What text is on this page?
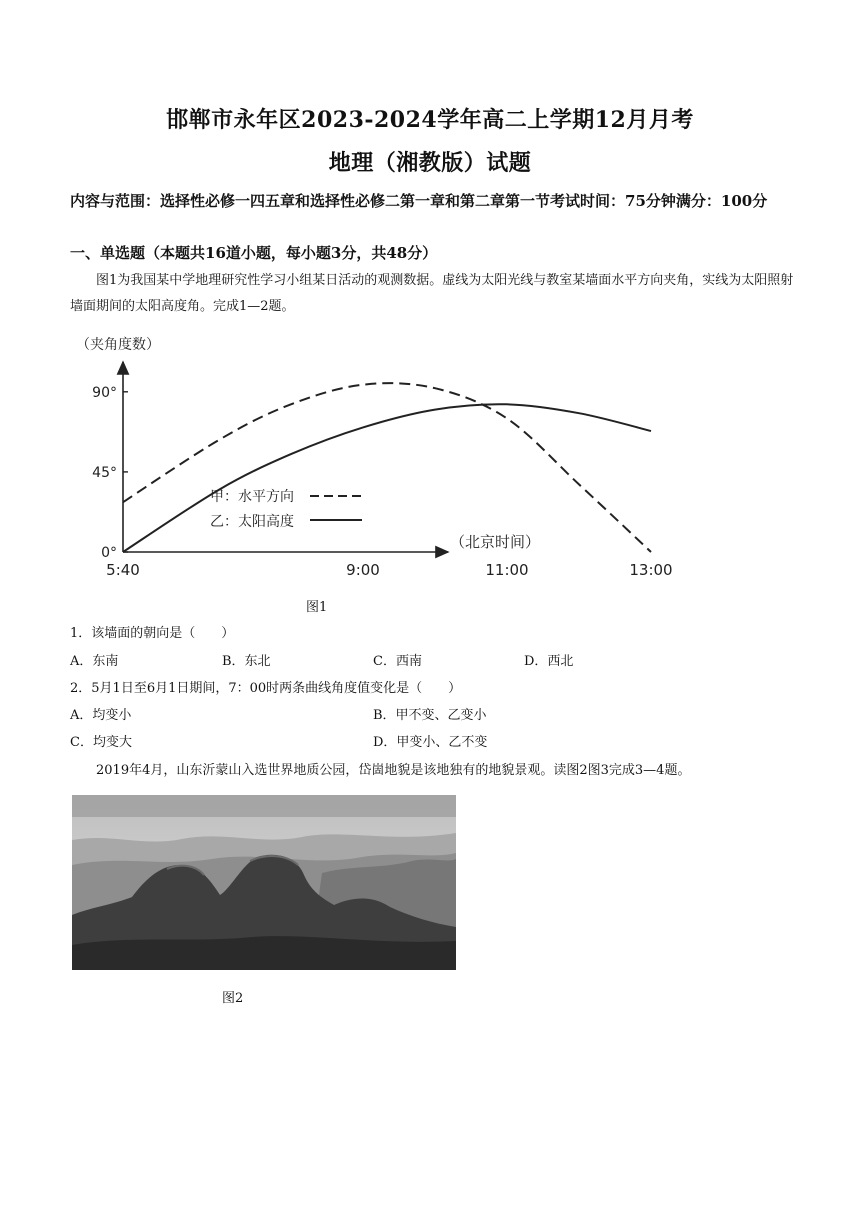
邯郸市永年区2023-2024学年高二上学期12月月考
地理（湘教版）试题
内容与范围：选择性必修一四五章和选择性必修二第一章和第二章第一节考试时间：75分钟满分：100分
一、单选题（本题共16道小题，每小题3分，共48分）
图1为我国某中学地理研究性学习小组某日活动的观测数据。虚线为太阳光线与教室某墙面水平方向夹角，实线为太阳照射墙面期间的太阳高度角。完成1—2题。
（夹角度数）
（北京时间）
0°
45°
90°
5:40	9:00	11:00	13:00
甲：水平方向
乙：太阳高度
图1
1．该墙面的朝向是（　　）
A．东南	B．东北	C．西南	D．西北
2．5月1日至6月1日期间，7：00时两条曲线角度值变化是（　　）
A．均变小	B．甲不变、乙变小
C．均变大	D．甲变小、乙不变
2019年4月，山东沂蒙山入选世界地质公园，岱崮地貌是该地独有的地貌景观。读图2图3完成3—4题。
图2
